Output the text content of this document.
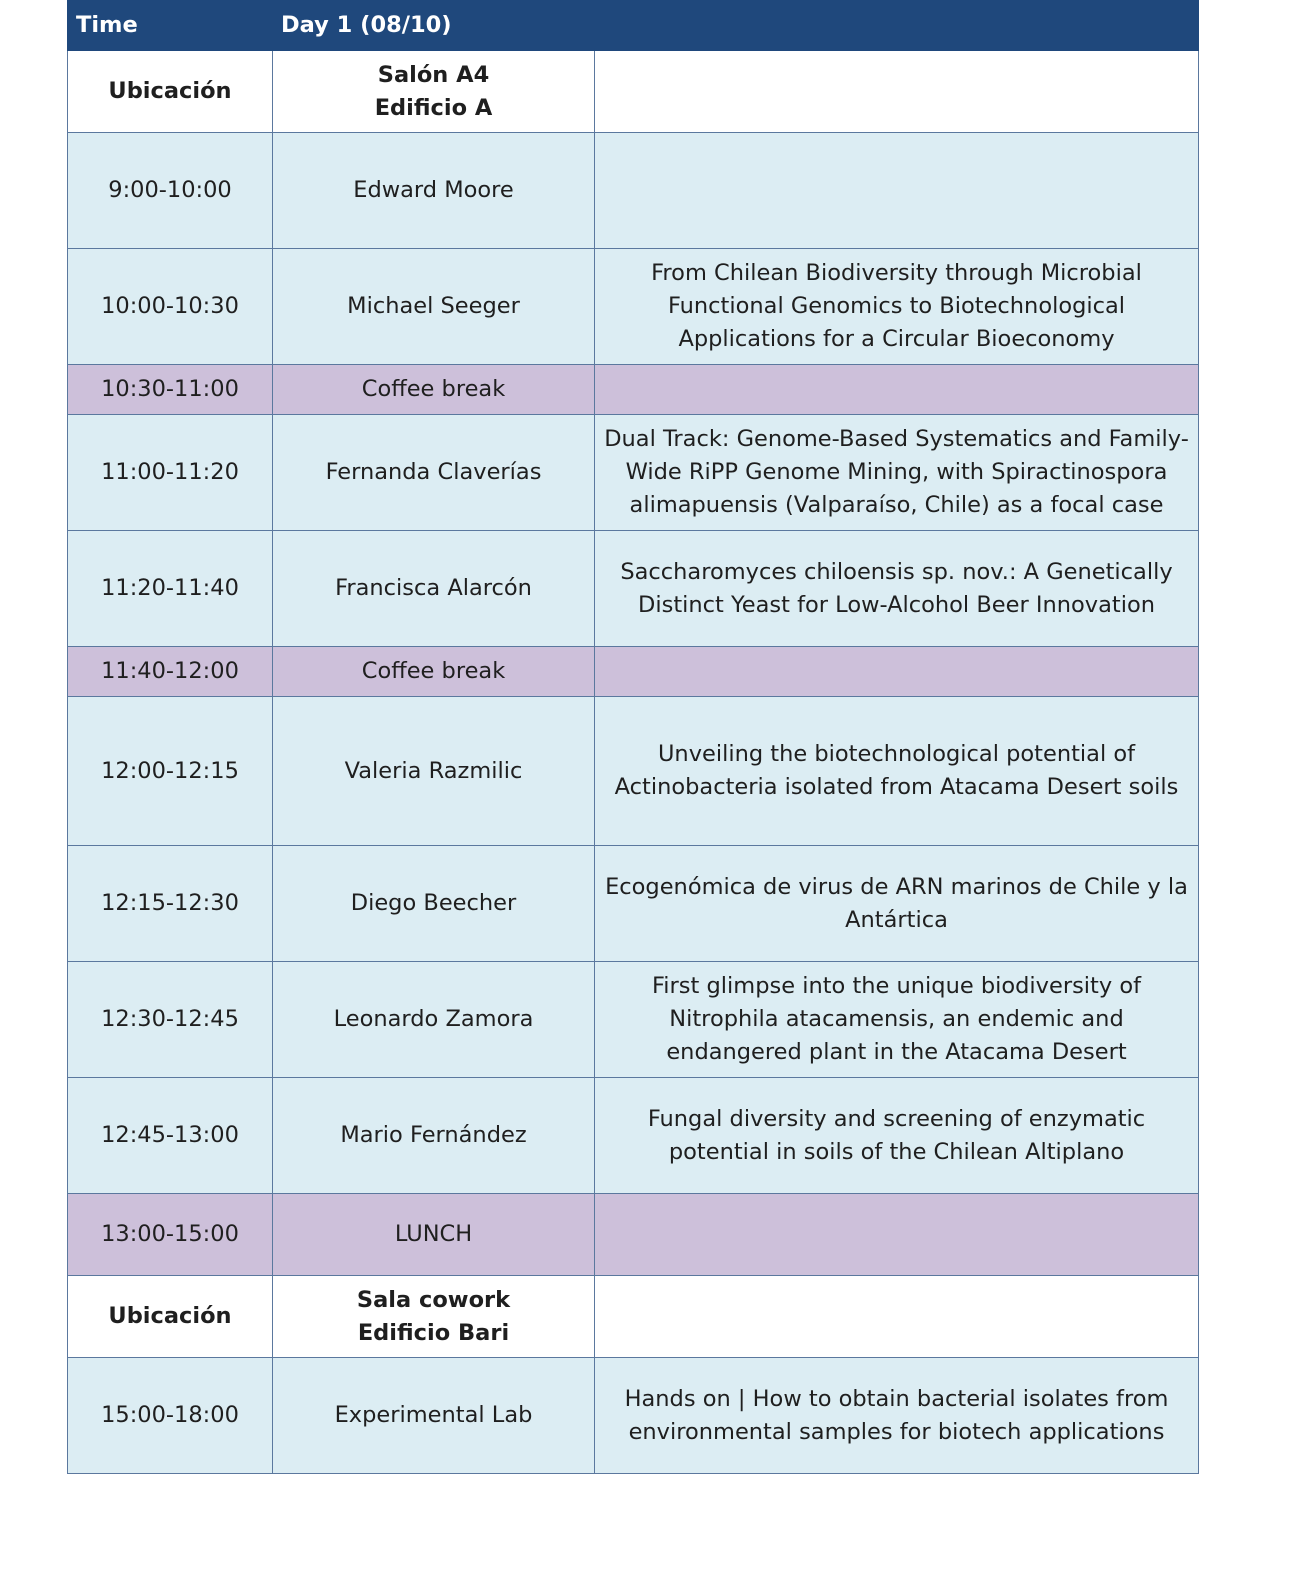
Time	Day 1 (08/10)	
Ubicación	Salón A4
Edificio A	
9:00-10:00	Edward Moore	
10:00-10:30	Michael Seeger	From Chilean Biodiversity through Microbial Functional Genomics to Biotechnological Applications for a Circular Bioeconomy
10:30-11:00	Coffee break	
11:00-11:20	Fernanda Claverías	Dual Track: Genome-Based Systematics and Family-Wide RiPP Genome Mining, with Spiractinospora alimapuensis (Valparaíso, Chile) as a focal case
11:20-11:40	Francisca Alarcón	Saccharomyces chiloensis sp. nov.: A Genetically Distinct Yeast for Low-Alcohol Beer Innovation
11:40-12:00	Coffee break	
12:00-12:15	Valeria Razmilic	Unveiling the biotechnological potential of Actinobacteria isolated from Atacama Desert soils
12:15-12:30	Diego Beecher	Ecogenómica de virus de ARN marinos de Chile y la Antártica
12:30-12:45	Leonardo Zamora	First glimpse into the unique biodiversity of Nitrophila atacamensis, an endemic and endangered plant in the Atacama Desert
12:45-13:00	Mario Fernández	Fungal diversity and screening of enzymatic potential in soils of the Chilean Altiplano
13:00-15:00	LUNCH	
Ubicación	Sala cowork
Edificio Bari	
15:00-18:00	Experimental Lab	Hands on | How to obtain bacterial isolates from environmental samples for biotech applications
